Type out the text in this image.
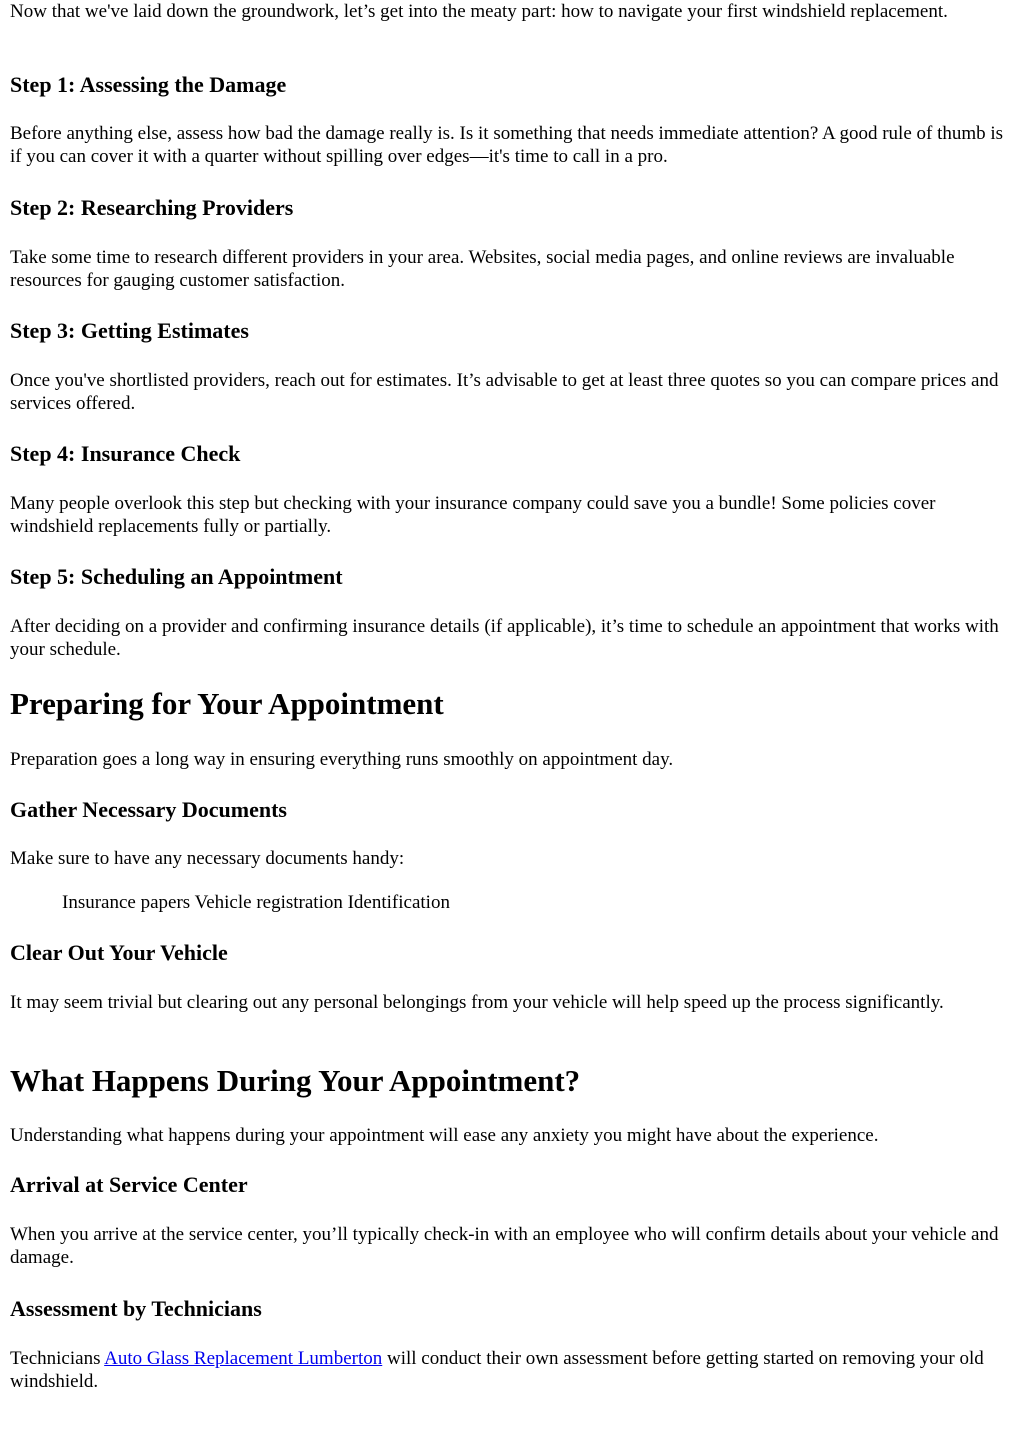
Now that we've laid down the groundwork, let’s get into the meaty part: how to navigate your first windshield replacement.

Step 1: Assessing the Damage

Before anything else, assess how bad the damage really is. Is it something that needs immediate attention? A good rule of thumb is if you can cover it with a quarter without spilling over edges—it's time to call in a pro.

Step 2: Researching Providers

Take some time to research different providers in your area. Websites, social media pages, and online reviews are invaluable resources for gauging customer satisfaction.

Step 3: Getting Estimates

Once you've shortlisted providers, reach out for estimates. It’s advisable to get at least three quotes so you can compare prices and services offered.

Step 4: Insurance Check

Many people overlook this step but checking with your insurance company could save you a bundle! Some policies cover windshield replacements fully or partially.

Step 5: Scheduling an Appointment

After deciding on a provider and confirming insurance details (if applicable), it’s time to schedule an appointment that works with your schedule.

Preparing for Your Appointment

Preparation goes a long way in ensuring everything runs smoothly on appointment day.

Gather Necessary Documents

Make sure to have any necessary documents handy:

Insurance papers Vehicle registration Identification
Clear Out Your Vehicle

It may seem trivial but clearing out any personal belongings from your vehicle will help speed up the process significantly.

What Happens During Your Appointment?

Understanding what happens during your appointment will ease any anxiety you might have about the experience.

Arrival at Service Center

When you arrive at the service center, you’ll typically check-in with an employee who will confirm details about your vehicle and damage.

Assessment by Technicians

Technicians Auto Glass Replacement Lumberton will conduct their own assessment before getting started on removing your old windshield.
